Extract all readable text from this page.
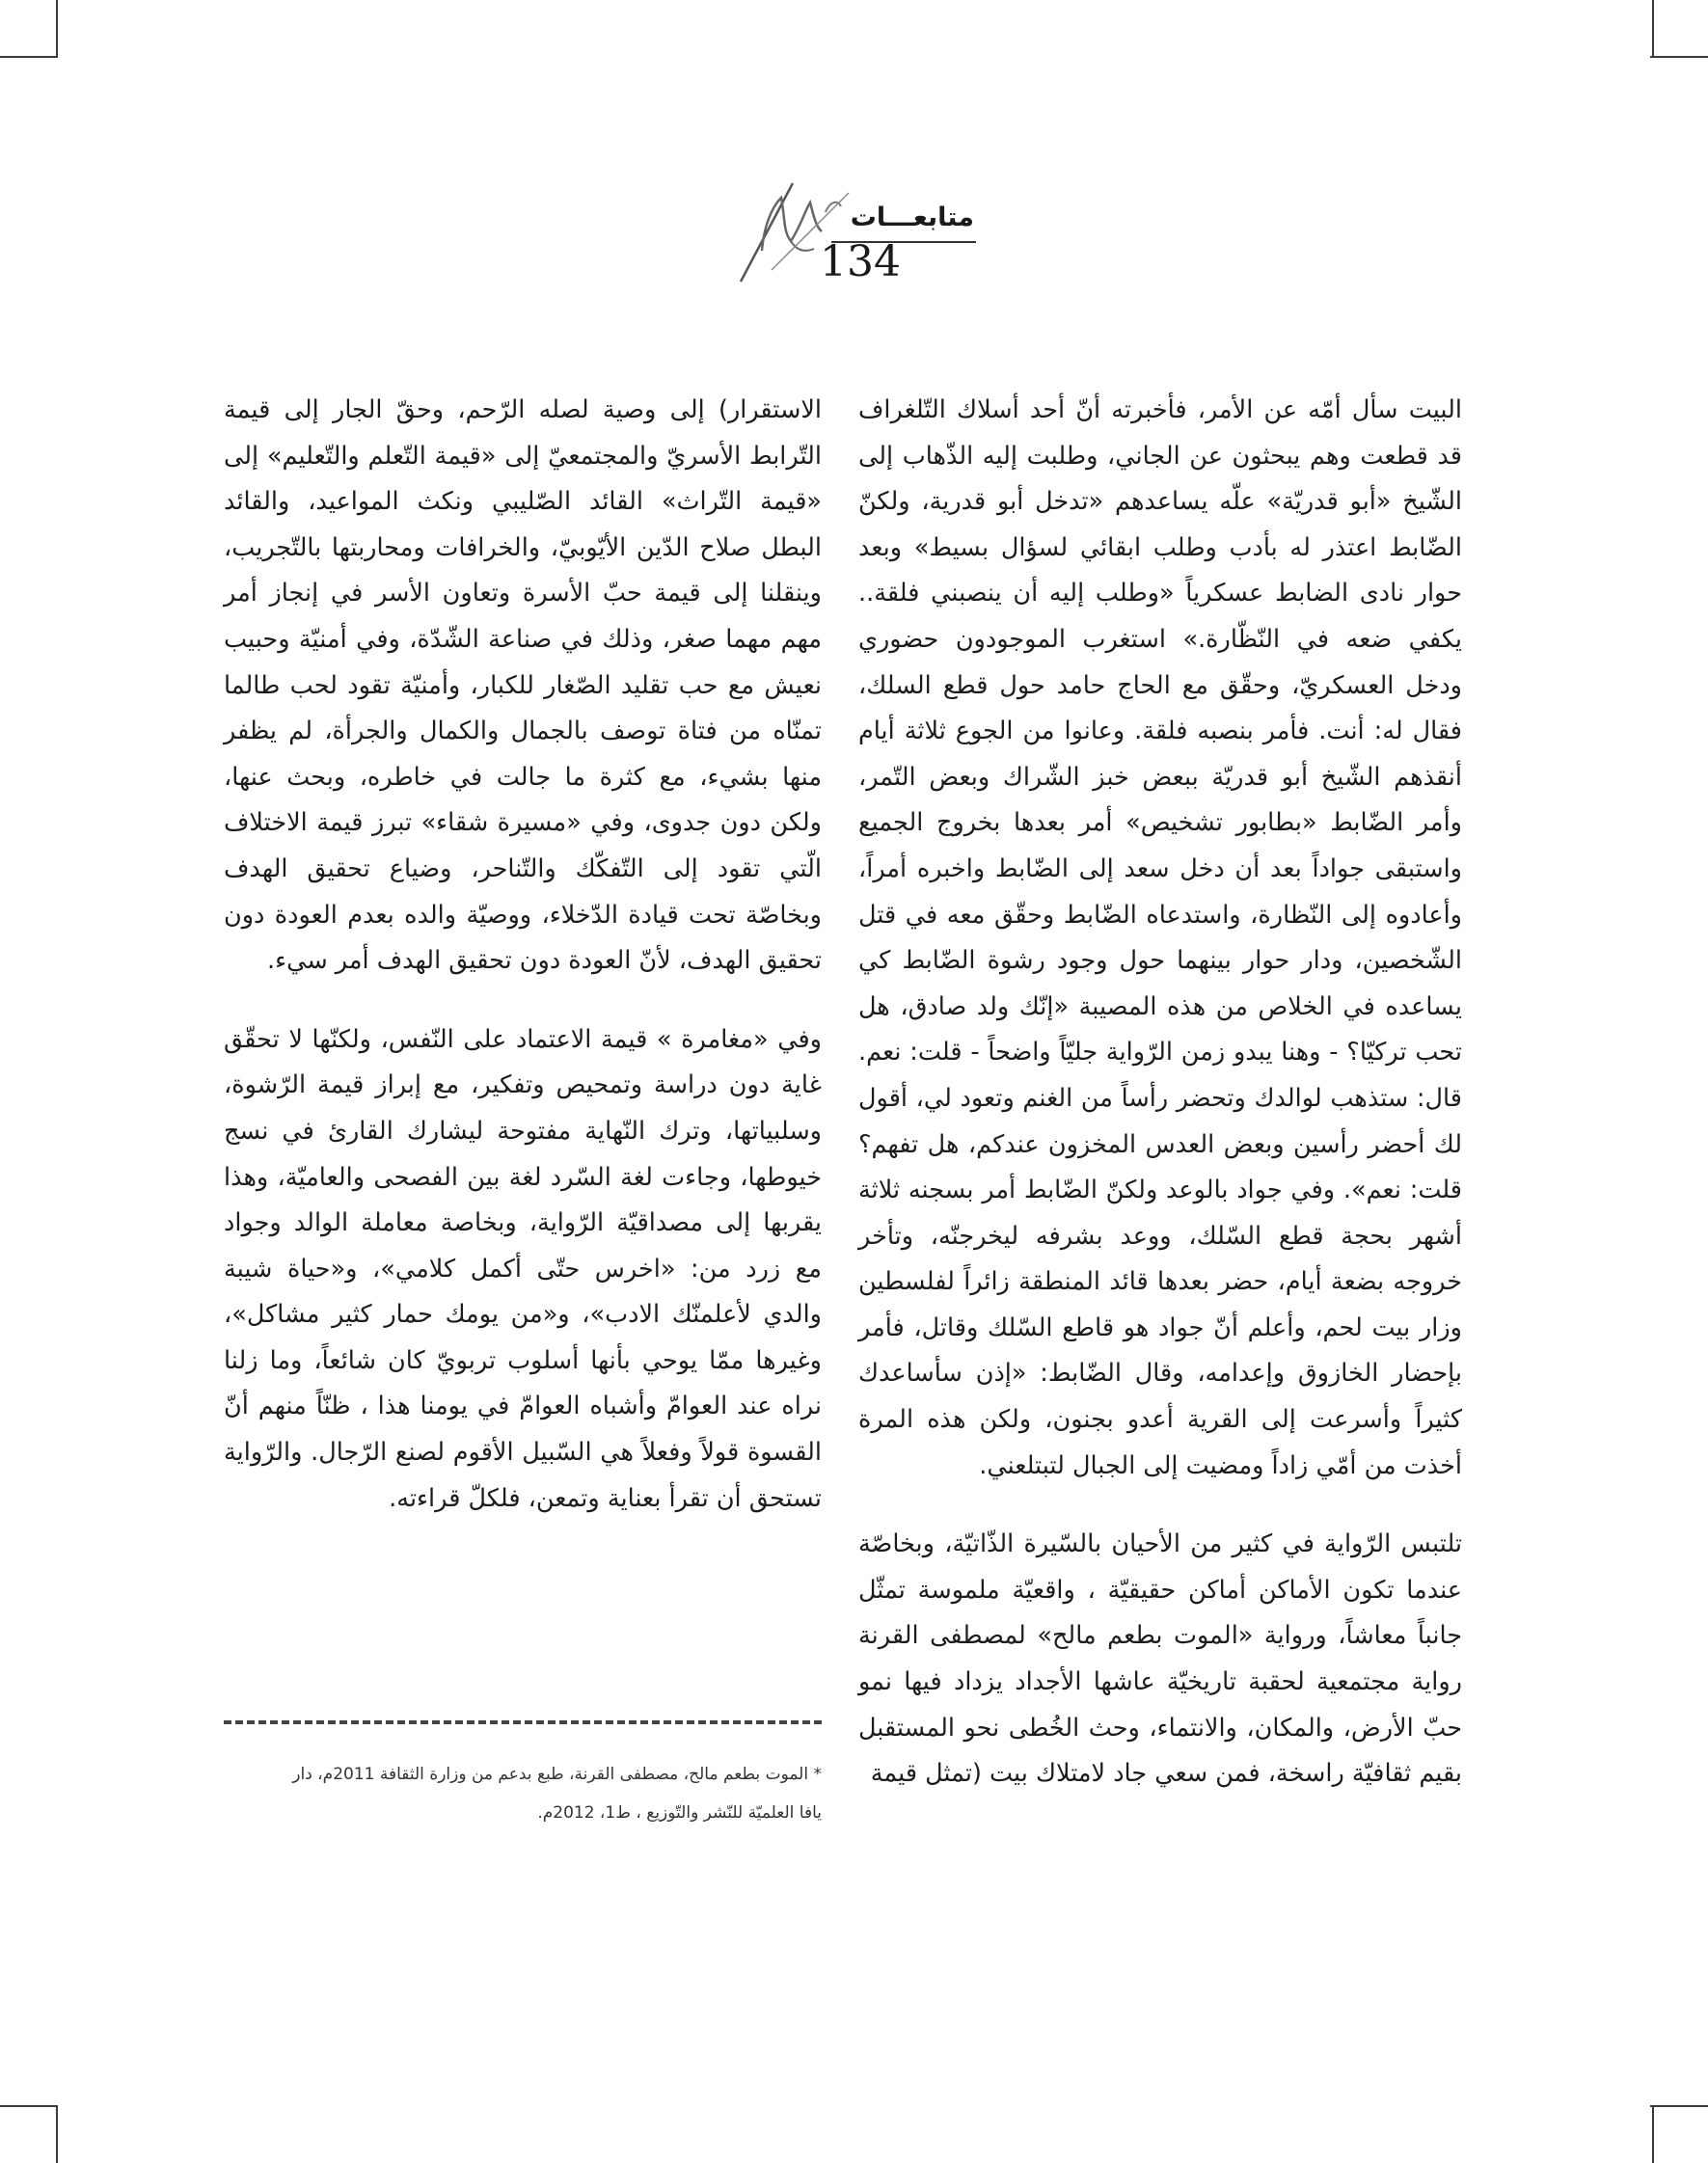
متابعـــات
134

البيت سأل أمّه عن الأمر، فأخبرته أنّ أحد أسلاك التّلغراف قد قطعت وهم يبحثون عن الجاني، وطلبت إليه الذّهاب إلى الشّيخ «أبو قدريّة» علّه يساعدهم «تدخل أبو قدرية، ولكنّ الضّابط اعتذر له بأدب وطلب ابقائي لسؤال بسيط» وبعد حوار نادى الضابط عسكرياً «وطلب إليه أن ينصبني فلقة.. يكفي ضعه في النّظّارة.» استغرب الموجودون حضوري ودخل العسكريّ، وحقّق مع الحاج حامد حول قطع السلك، فقال له: أنت. فأمر بنصبه فلقة. وعانوا من الجوع ثلاثة أيام أنقذهم الشّيخ أبو قدريّة ببعض خبز الشّراك وبعض التّمر، وأمر الضّابط «بطابور تشخيص» أمر بعدها بخروج الجميع واستبقى جواداً بعد أن دخل سعد إلى الضّابط واخبره أمراً، وأعادوه إلى النّظارة، واستدعاه الضّابط وحقّق معه في قتل الشّخصين، ودار حوار بينهما حول وجود رشوة الضّابط كي يساعده في الخلاص من هذه المصيبة «إنّك ولد صادق، هل تحب تركيّا؟ - وهنا يبدو زمن الرّواية جليّاً واضحاً - قلت: نعم. قال: ستذهب لوالدك وتحضر رأساً من الغنم وتعود لي، أقول لك أحضر رأسين وبعض العدس المخزون عندكم، هل تفهم؟ قلت: نعم». وفي جواد بالوعد ولكنّ الضّابط أمر بسجنه ثلاثة أشهر بحجة قطع السّلك، ووعد بشرفه ليخرجنّه، وتأخر خروجه بضعة أيام، حضر بعدها قائد المنطقة زائراً لفلسطين وزار بيت لحم، وأعلم أنّ جواد هو قاطع السّلك وقاتل، فأمر بإحضار الخازوق وإعدامه، وقال الضّابط: «إذن سأساعدك كثيراً وأسرعت إلى القرية أعدو بجنون، ولكن هذه المرة أخذت من أمّي زاداً ومضيت إلى الجبال لتبتلعني.

تلتبس الرّواية في كثير من الأحيان بالسّيرة الذّاتيّة، وبخاصّة عندما تكون الأماكن أماكن حقيقيّة ، واقعيّة ملموسة تمثّل جانباً معاشاً، ورواية «الموت بطعم مالح» لمصطفى القرنة رواية مجتمعية لحقبة تاريخيّة عاشها الأجداد يزداد فيها نمو حبّ الأرض، والمكان، والانتماء، وحث الخُطى نحو المستقبل بقيم ثقافيّة راسخة، فمن سعي جاد لامتلاك بيت (تمثل قيمة

الاستقرار) إلى وصية لصله الرّحم، وحقّ الجار إلى قيمة التّرابط الأسريّ والمجتمعيّ إلى «قيمة التّعلم والتّعليم» إلى «قيمة التّراث» القائد الصّليبي ونكث المواعيد، والقائد البطل صلاح الدّين الأيّوبيّ، والخرافات ومحاربتها بالتّجريب، وينقلنا إلى قيمة حبّ الأسرة وتعاون الأسر في إنجاز أمر مهم مهما صغر، وذلك في صناعة الشّدّة، وفي أمنيّة وحبيب نعيش مع حب تقليد الصّغار للكبار، وأمنيّة تقود لحب طالما تمنّاه من فتاة توصف بالجمال والكمال والجرأة، لم يظفر منها بشيء، مع كثرة ما جالت في خاطره، وبحث عنها، ولكن دون جدوى، وفي «مسيرة شقاء» تبرز قيمة الاختلاف الّتي تقود إلى التّفكّك والتّناحر، وضياع تحقيق الهدف وبخاصّة تحت قيادة الدّخلاء، ووصيّة والده بعدم العودة دون تحقيق الهدف، لأنّ العودة دون تحقيق الهدف أمر سيء.

وفي «مغامرة » قيمة الاعتماد على النّفس، ولكنّها لا تحقّق غاية دون دراسة وتمحيص وتفكير، مع إبراز قيمة الرّشوة، وسلبياتها، وترك النّهاية مفتوحة ليشارك القارئ في نسج خيوطها، وجاءت لغة السّرد لغة بين الفصحى والعاميّة، وهذا يقربها إلى مصداقيّة الرّواية، وبخاصة معاملة الوالد وجواد مع زرد من: «اخرس حتّى أكمل كلامي»، و«حياة شيبة والدي لأعلمنّك الادب»، و«من يومك حمار كثير مشاكل»، وغيرها ممّا يوحي بأنها أسلوب تربويّ كان شائعاً، وما زلنا نراه عند العوامّ وأشباه العوامّ في يومنا هذا ، ظنّاً منهم أنّ القسوة قولاً وفعلاً هي السّبيل الأقوم لصنع الرّجال. والرّواية تستحق أن تقرأ بعناية وتمعن، فلكلّ قراءته.

* الموت بطعم مالح، مصطفى القرنة، طبع بدعم من وزارة الثقافة 2011م، دار
يافا العلميّة للنّشر والتّوزيع ، ط1، 2012م.
